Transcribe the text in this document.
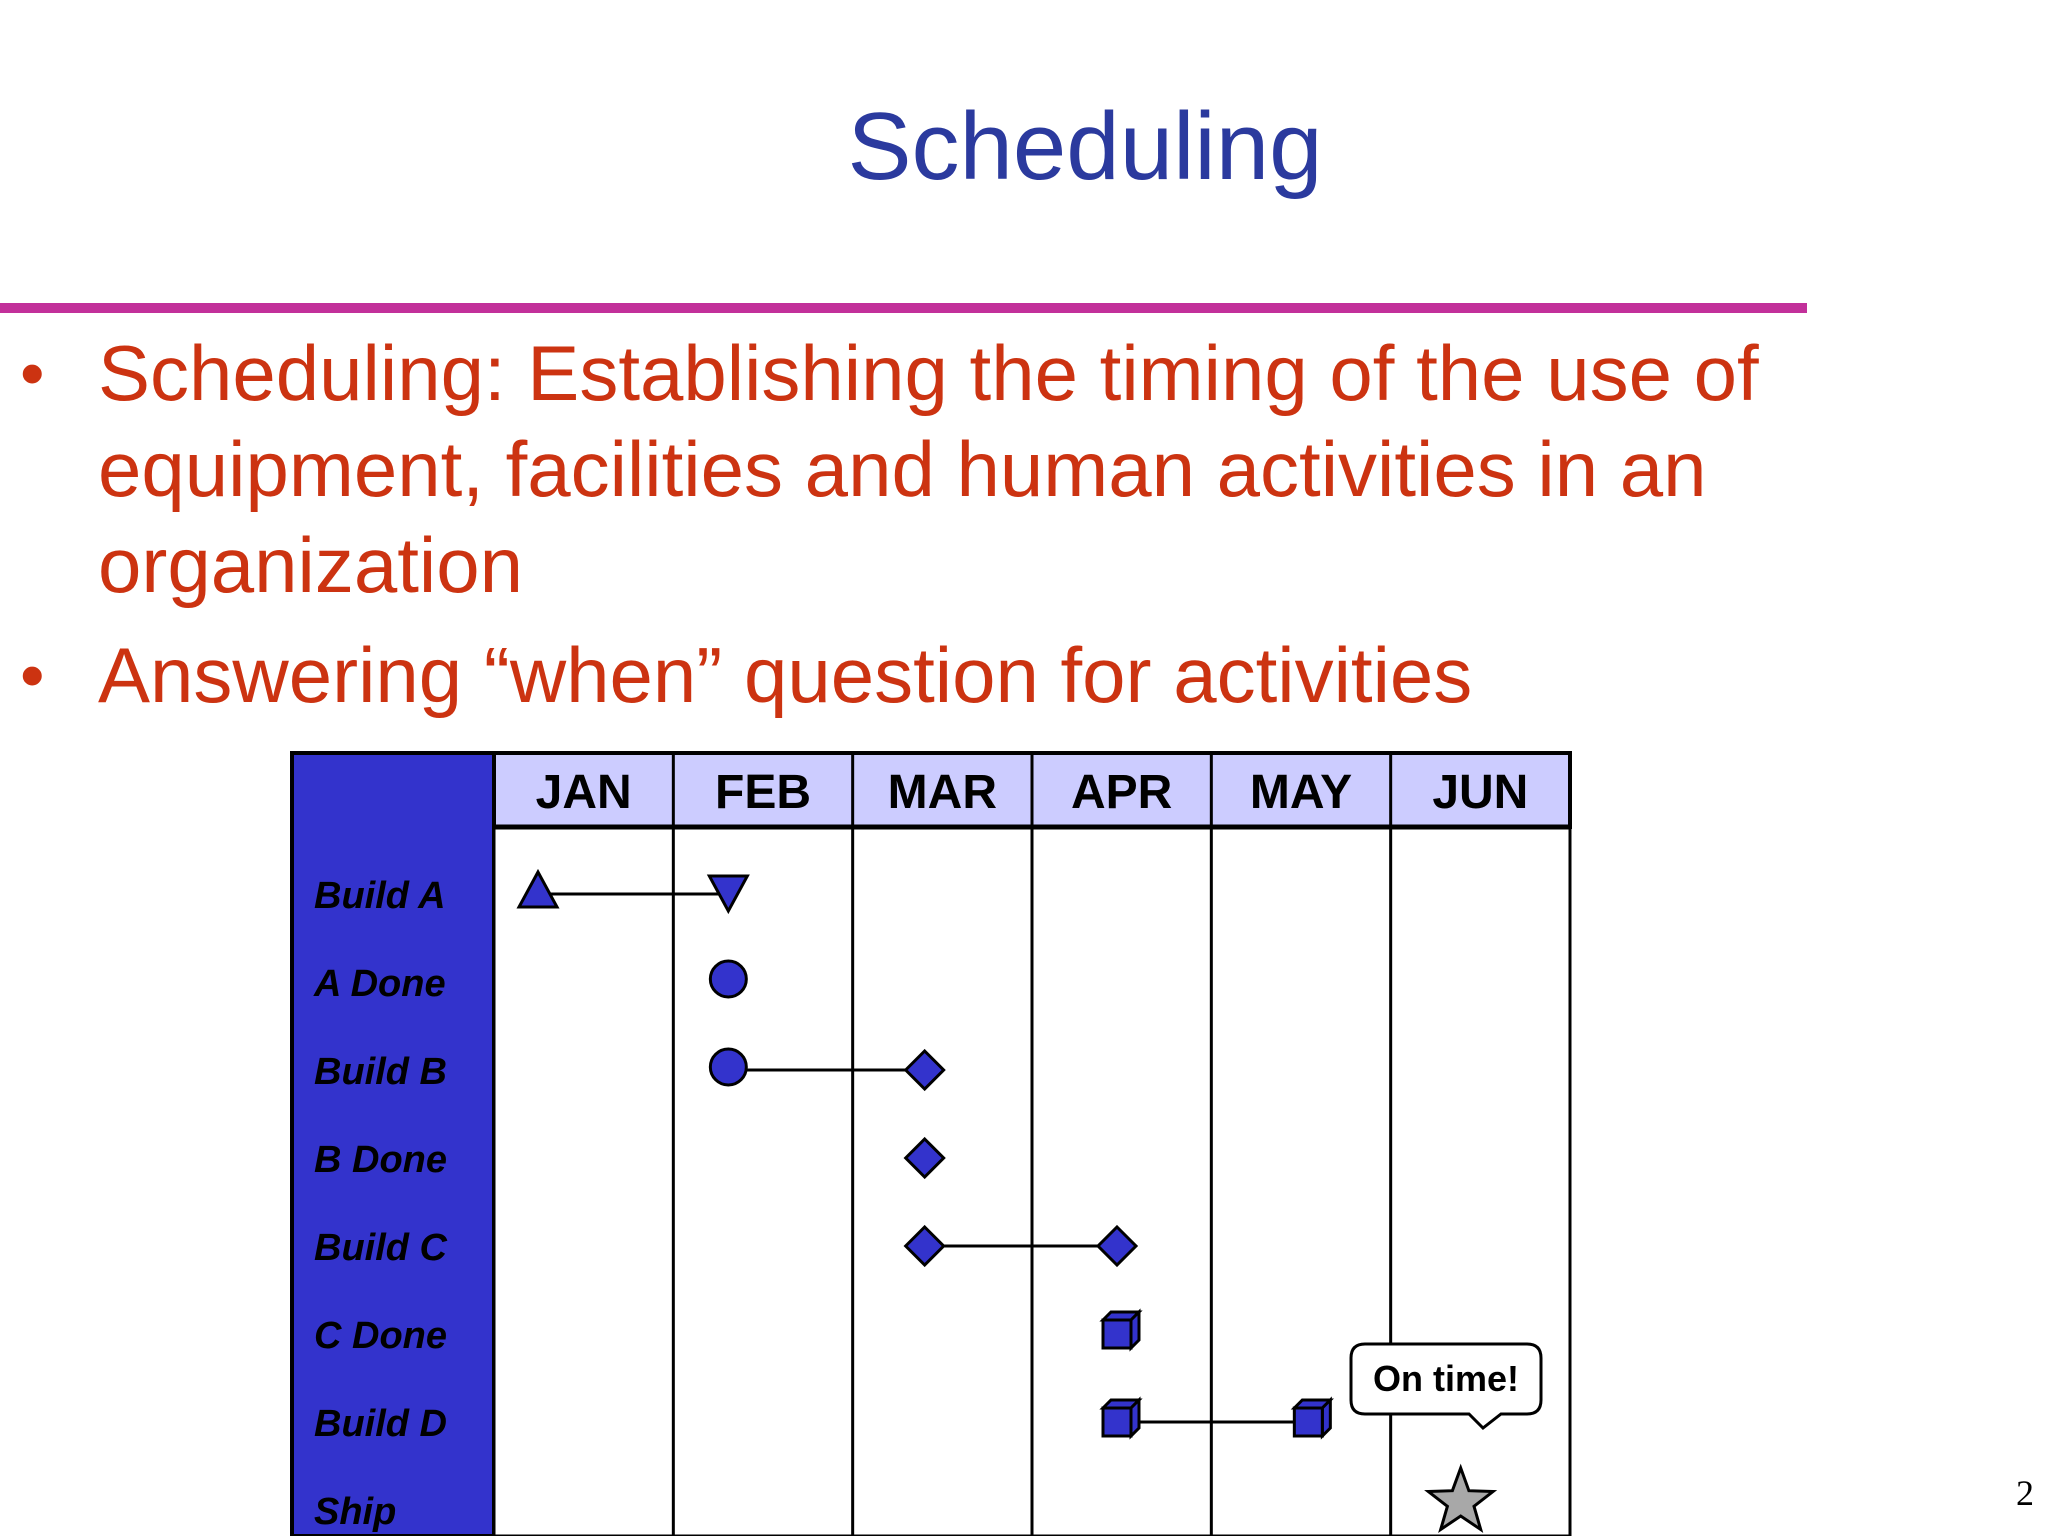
Scheduling
• Scheduling: Establishing the timing of the use of equipment, facilities and human activities in an organization
• Answering “when” question for activities
JAN FEB MAR APR MAY JUN
Build A
A Done
Build B
B Done
Build C
C Done
Build D
Ship
On time!
2
